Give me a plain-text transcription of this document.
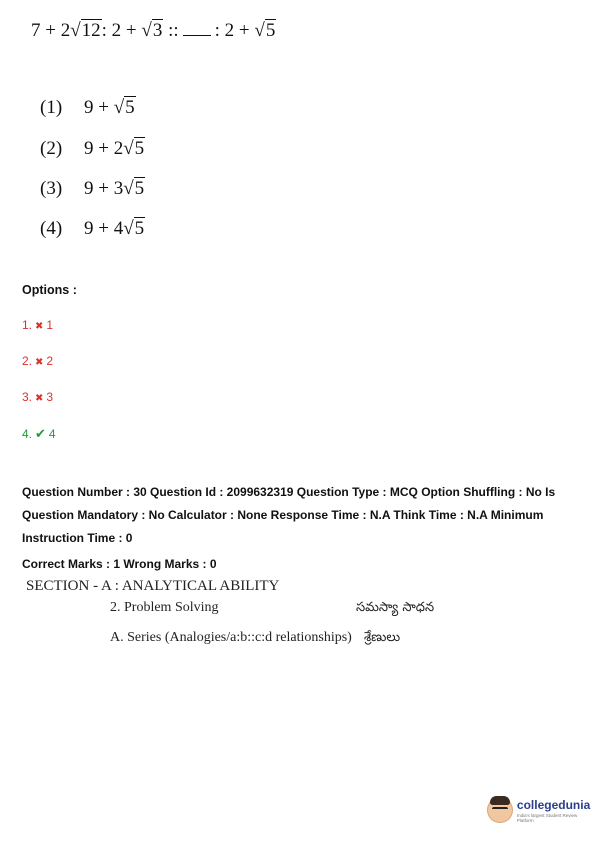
7 + 2√12: 2 + √3 :: : 2 + √5
(1) 9 + √5
(2) 9 + 2√5
(3) 9 + 3√5
(4) 9 + 4√5
Options :
1. ✖ 1
2. ✖ 2
3. ✖ 3
4. ✔ 4
Question Number : 30 Question Id : 2099632319 Question Type : MCQ Option Shuffling : No Is
Question Mandatory : No Calculator : None Response Time : N.A Think Time : N.A Minimum
Instruction Time : 0
Correct Marks : 1 Wrong Marks : 0
SECTION - A : ANALYTICAL ABILITY
2. Problem Solving	సమస్యా సాధన
A. Series (Analogies/a:b::c:d relationships) శ్రేణులు
collegedunia
India's largest Student Review Platform
